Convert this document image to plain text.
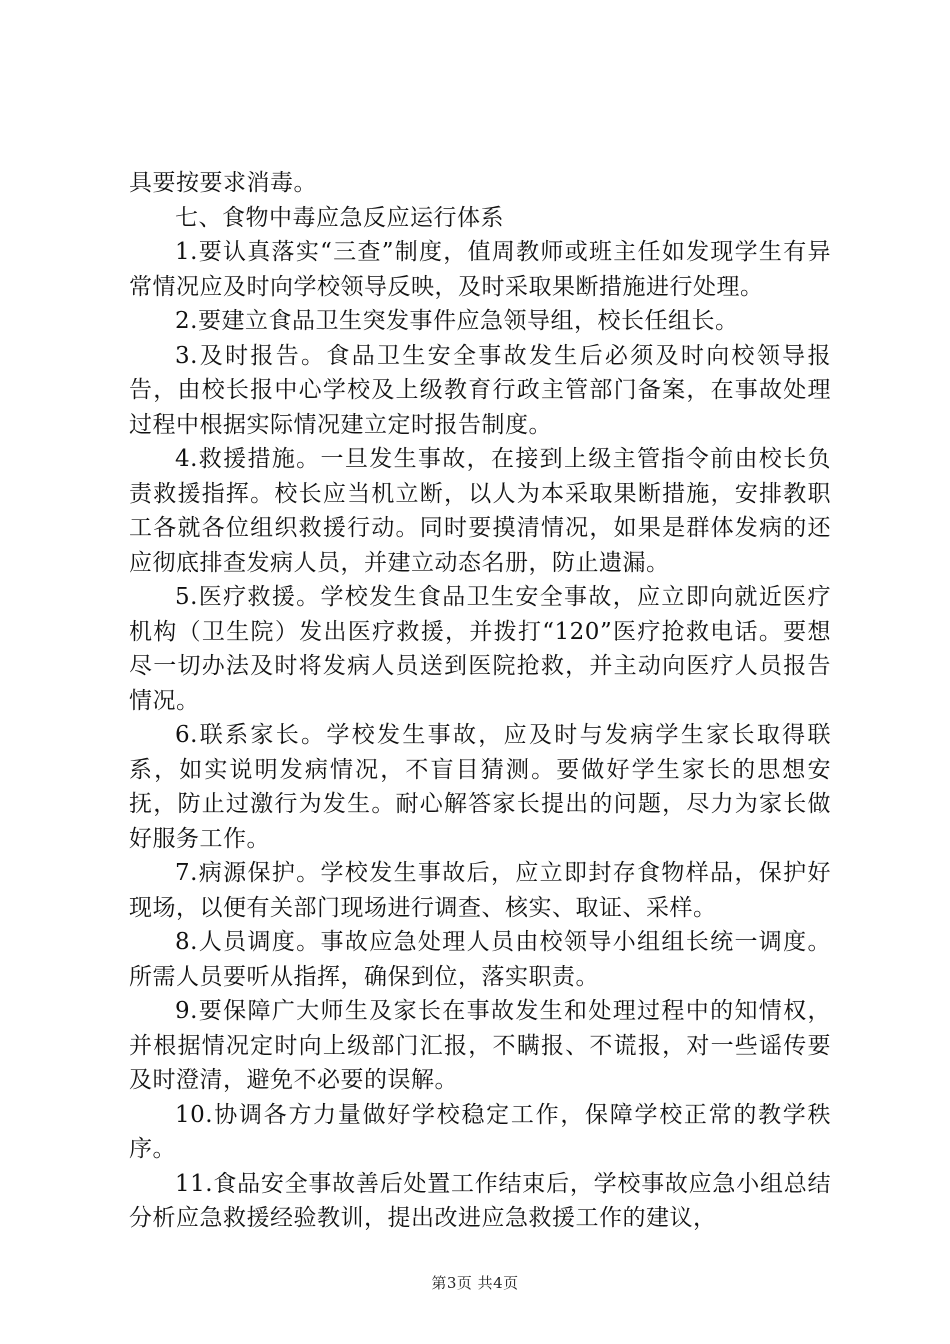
具要按要求消毒。

七、食物中毒应急反应运行体系

1.要认真落实“三查”制度，值周教师或班主任如发现学生有异常情况应及时向学校领导反映，及时采取果断措施进行处理。

2.要建立食品卫生突发事件应急领导组，校长任组长。

3.及时报告。食品卫生安全事故发生后必须及时向校领导报告，由校长报中心学校及上级教育行政主管部门备案，在事故处理过程中根据实际情况建立定时报告制度。

4.救援措施。一旦发生事故，在接到上级主管指令前由校长负责救援指挥。校长应当机立断，以人为本采取果断措施，安排教职工各就各位组织救援行动。同时要摸清情况，如果是群体发病的还应彻底排查发病人员，并建立动态名册，防止遗漏。

5.医疗救援。学校发生食品卫生安全事故，应立即向就近医疗机构（卫生院）发出医疗救援，并拨打“120”医疗抢救电话。要想尽一切办法及时将发病人员送到医院抢救，并主动向医疗人员报告情况。

6.联系家长。学校发生事故，应及时与发病学生家长取得联系，如实说明发病情况，不盲目猜测。要做好学生家长的思想安抚，防止过激行为发生。耐心解答家长提出的问题，尽力为家长做好服务工作。

7.病源保护。学校发生事故后，应立即封存食物样品，保护好现场，以便有关部门现场进行调查、核实、取证、采样。

8.人员调度。事故应急处理人员由校领导小组组长统一调度。所需人员要听从指挥，确保到位，落实职责。

9.要保障广大师生及家长在事故发生和处理过程中的知情权，并根据情况定时向上级部门汇报，不瞒报、不谎报，对一些谣传要及时澄清，避免不必要的误解。

10.协调各方力量做好学校稳定工作，保障学校正常的教学秩序。

11.食品安全事故善后处置工作结束后，学校事故应急小组总结分析应急救援经验教训，提出改进应急救援工作的建议，

第3页 共4页
